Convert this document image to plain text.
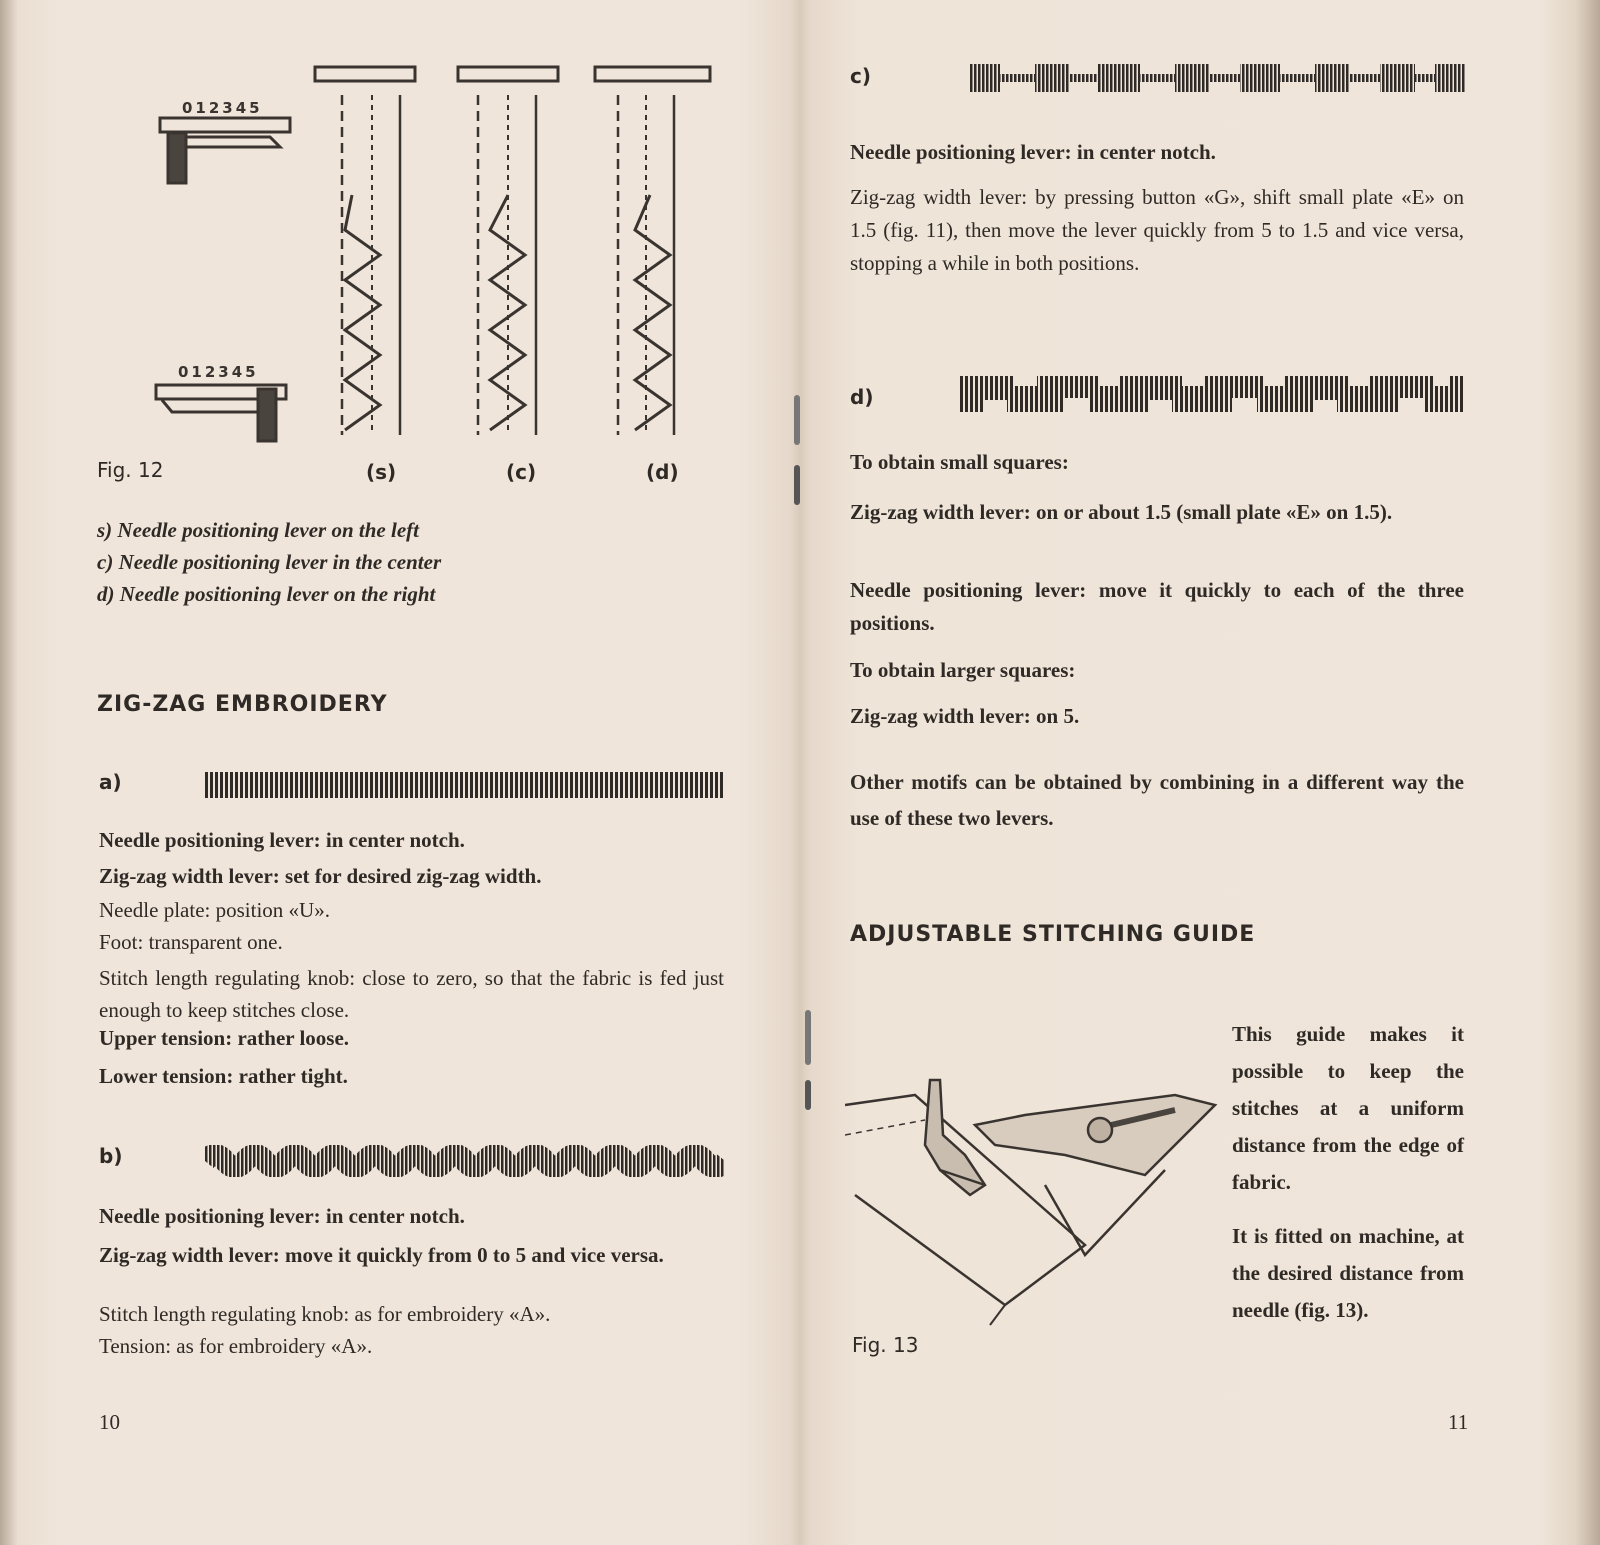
012345
012345
Fig. 12	(s)	(c)	(d)
s) Needle positioning lever on the left
c) Needle positioning lever in the center
d) Needle positioning lever on the right
ZIG-ZAG EMBROIDERY
a)
Needle positioning lever: in center notch.
Zig-zag width lever: set for desired zig-zag width.
Needle plate: position «U».
Foot: transparent one.
Stitch length regulating knob: close to zero, so that the fabric is fed just enough to keep stitches close.
Upper tension: rather loose.
Lower tension: rather tight.
b)
Needle positioning lever: in center notch.
Zig-zag width lever: move it quickly from 0 to 5 and vice versa.
Stitch length regulating knob: as for embroidery «A».
Tension: as for embroidery «A».
10
c)
Needle positioning lever: in center notch.
Zig-zag width lever: by pressing button «G», shift small plate «E» on 1.5 (fig. 11), then move the lever quickly from 5 to 1.5 and vice versa, stopping a while in both positions.
d)
To obtain small squares:
Zig-zag width lever: on or about 1.5 (small plate «E» on 1.5).
Needle positioning lever: move it quickly to each of the three positions.
To obtain larger squares:
Zig-zag width lever: on 5.
Other motifs can be obtained by combining in a different way the use of these two levers.
ADJUSTABLE STITCHING GUIDE
Fig. 13
This guide makes it possible to keep the stitches at a uniform distance from the edge of fabric.
It is fitted on machine, at the desired distance from needle (fig. 13).
11
